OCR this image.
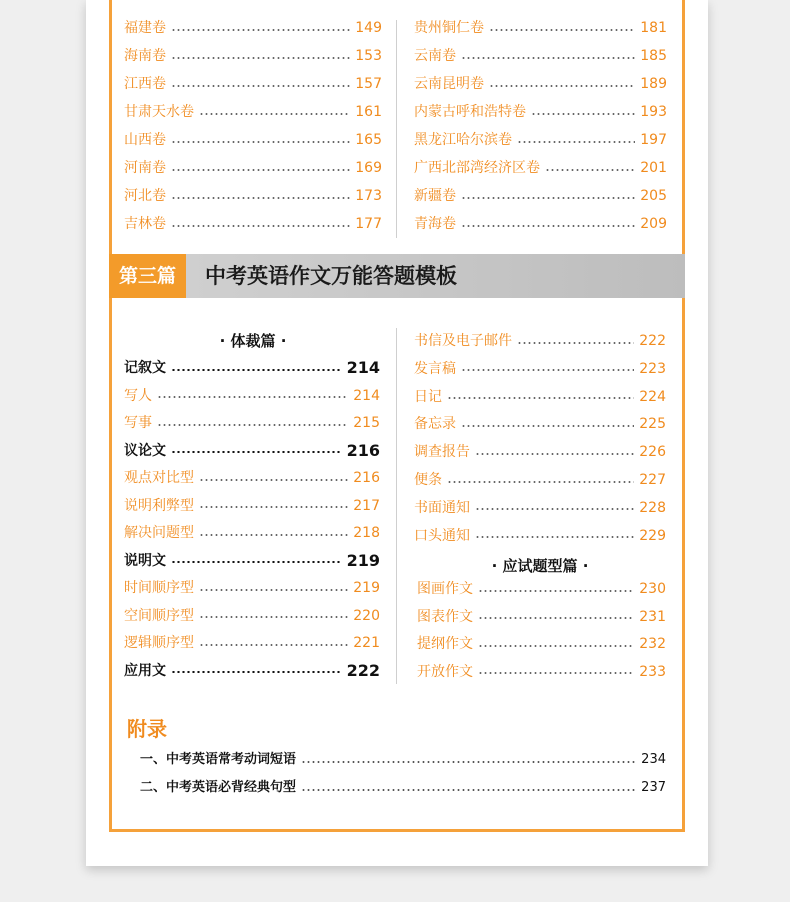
福建卷	149
海南卷	153
江西卷	157
甘肃天水卷	161
山西卷	165
河南卷	169
河北卷	173
吉林卷	177
贵州铜仁卷	181
云南卷	185
云南昆明卷	189
内蒙古呼和浩特卷	193
黑龙江哈尔滨卷	197
广西北部湾经济区卷	201
新疆卷	205
青海卷	209
第三篇	中考英语作文万能答题模板
· 体裁篇 ·
· 应试题型篇 ·
记叙文	214
写人	214
写事	215
议论文	216
观点对比型	216
说明利弊型	217
解决问题型	218
说明文	219
时间顺序型	219
空间顺序型	220
逻辑顺序型	221
应用文	222
书信及电子邮件	222
发言稿	223
日记	224
备忘录	225
调查报告	226
便条	227
书面通知	228
口头通知	229
图画作文	230
图表作文	231
提纲作文	232
开放作文	233
附录
一、中考英语常考动词短语	234
二、中考英语必背经典句型	237
